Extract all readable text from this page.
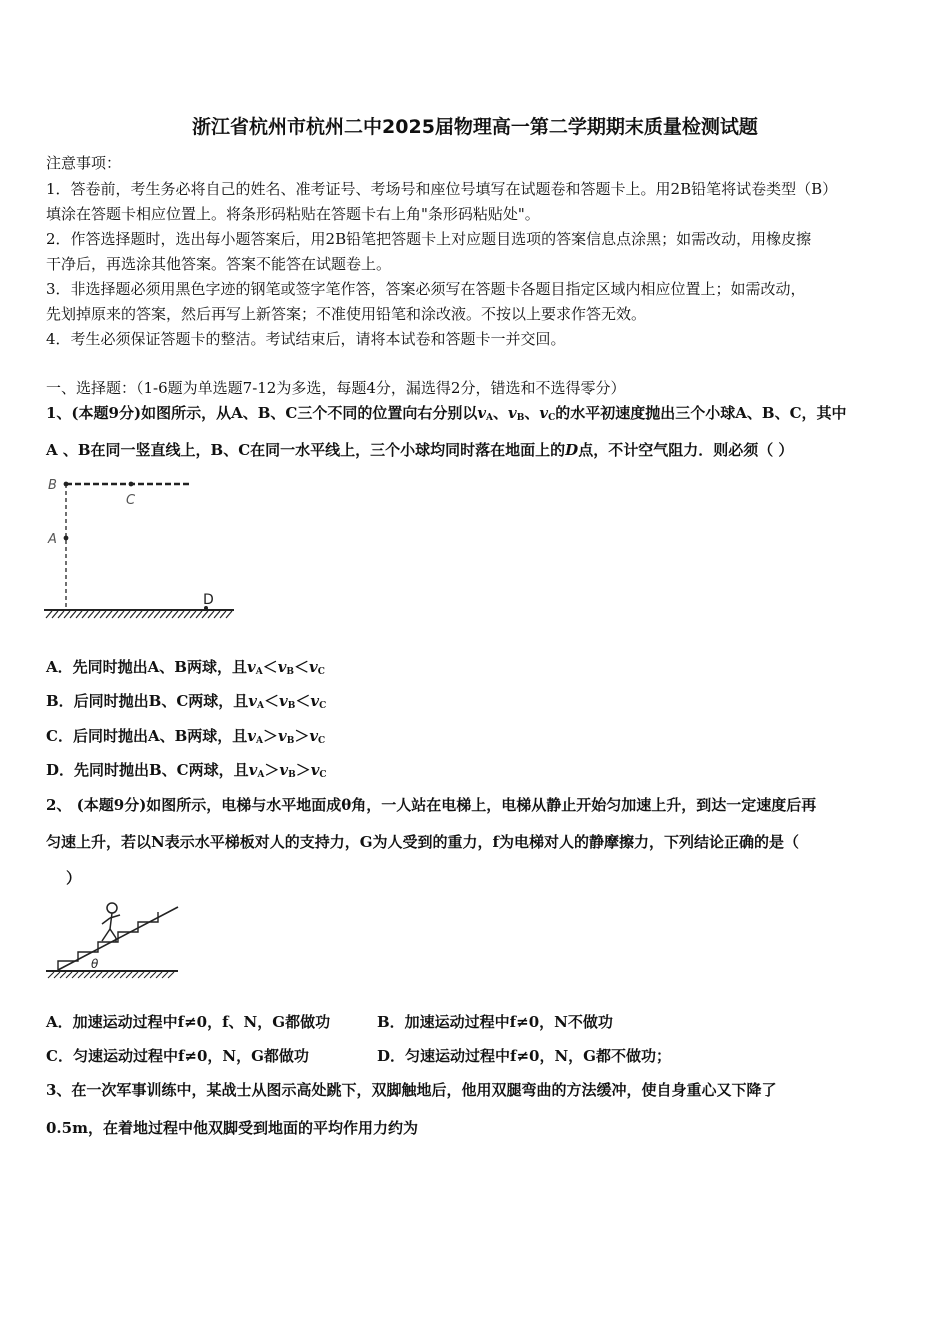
浙江省杭州市杭州二中2025届物理高一第二学期期末质量检测试题
注意事项：
1．答卷前，考生务必将自己的姓名、准考证号、考场号和座位号填写在试题卷和答题卡上。用2B铅笔将试卷类型（B）
填涂在答题卡相应位置上。将条形码粘贴在答题卡右上角"条形码粘贴处"。
2．作答选择题时，选出每小题答案后，用2B铅笔把答题卡上对应题目选项的答案信息点涂黑；如需改动，用橡皮擦
干净后，再选涂其他答案。答案不能答在试题卷上。
3．非选择题必须用黑色字迹的钢笔或签字笔作答，答案必须写在答题卡各题目指定区域内相应位置上；如需改动，
先划掉原来的答案，然后再写上新答案；不准使用铅笔和涂改液。不按以上要求作答无效。
4．考生必须保证答题卡的整洁。考试结束后，请将本试卷和答题卡一并交回。
一、选择题：（1-6题为单选题7-12为多选，每题4分，漏选得2分，错选和不选得零分）
1、(本题9分)如图所示，从A、B、C三个不同的位置向右分别以$v_A$、$v_B$、$v_C$的水平初速度抛出三个小球A、B、C，其中
A 、B在同一竖直线上，B、C在同一水平线上，三个小球均同时落在地面上的D点，不计空气阻力．则必须（ ）
B
C
A
D
A．先同时抛出A、B两球，且$v_A<v_B<v_C$
B．后同时抛出B、C两球，且$v_A<v_B<v_C$
C．后同时抛出A、B两球，且$v_A>v_B>v_C$
D．先同时抛出B、C两球，且$v_A>v_B>v_C$
2、 (本题9分)如图所示，电梯与水平地面成θ角，一人站在电梯上，电梯从静止开始匀加速上升，到达一定速度后再
匀速上升，若以N表示水平梯板对人的支持力，G为人受到的重力，f为电梯对人的静摩擦力，下列结论正确的是（
）
θ
A．加速运动过程中f≠0，f、N，G都做功	B．加速运动过程中f≠0，N不做功
C．匀速运动过程中f≠0，N，G都做功	D．匀速运动过程中f≠0，N，G都不做功；
3、在一次军事训练中，某战士从图示高处跳下，双脚触地后，他用双腿弯曲的方法缓冲，使自身重心又下降了
0.5m，在着地过程中他双脚受到地面的平均作用力约为
